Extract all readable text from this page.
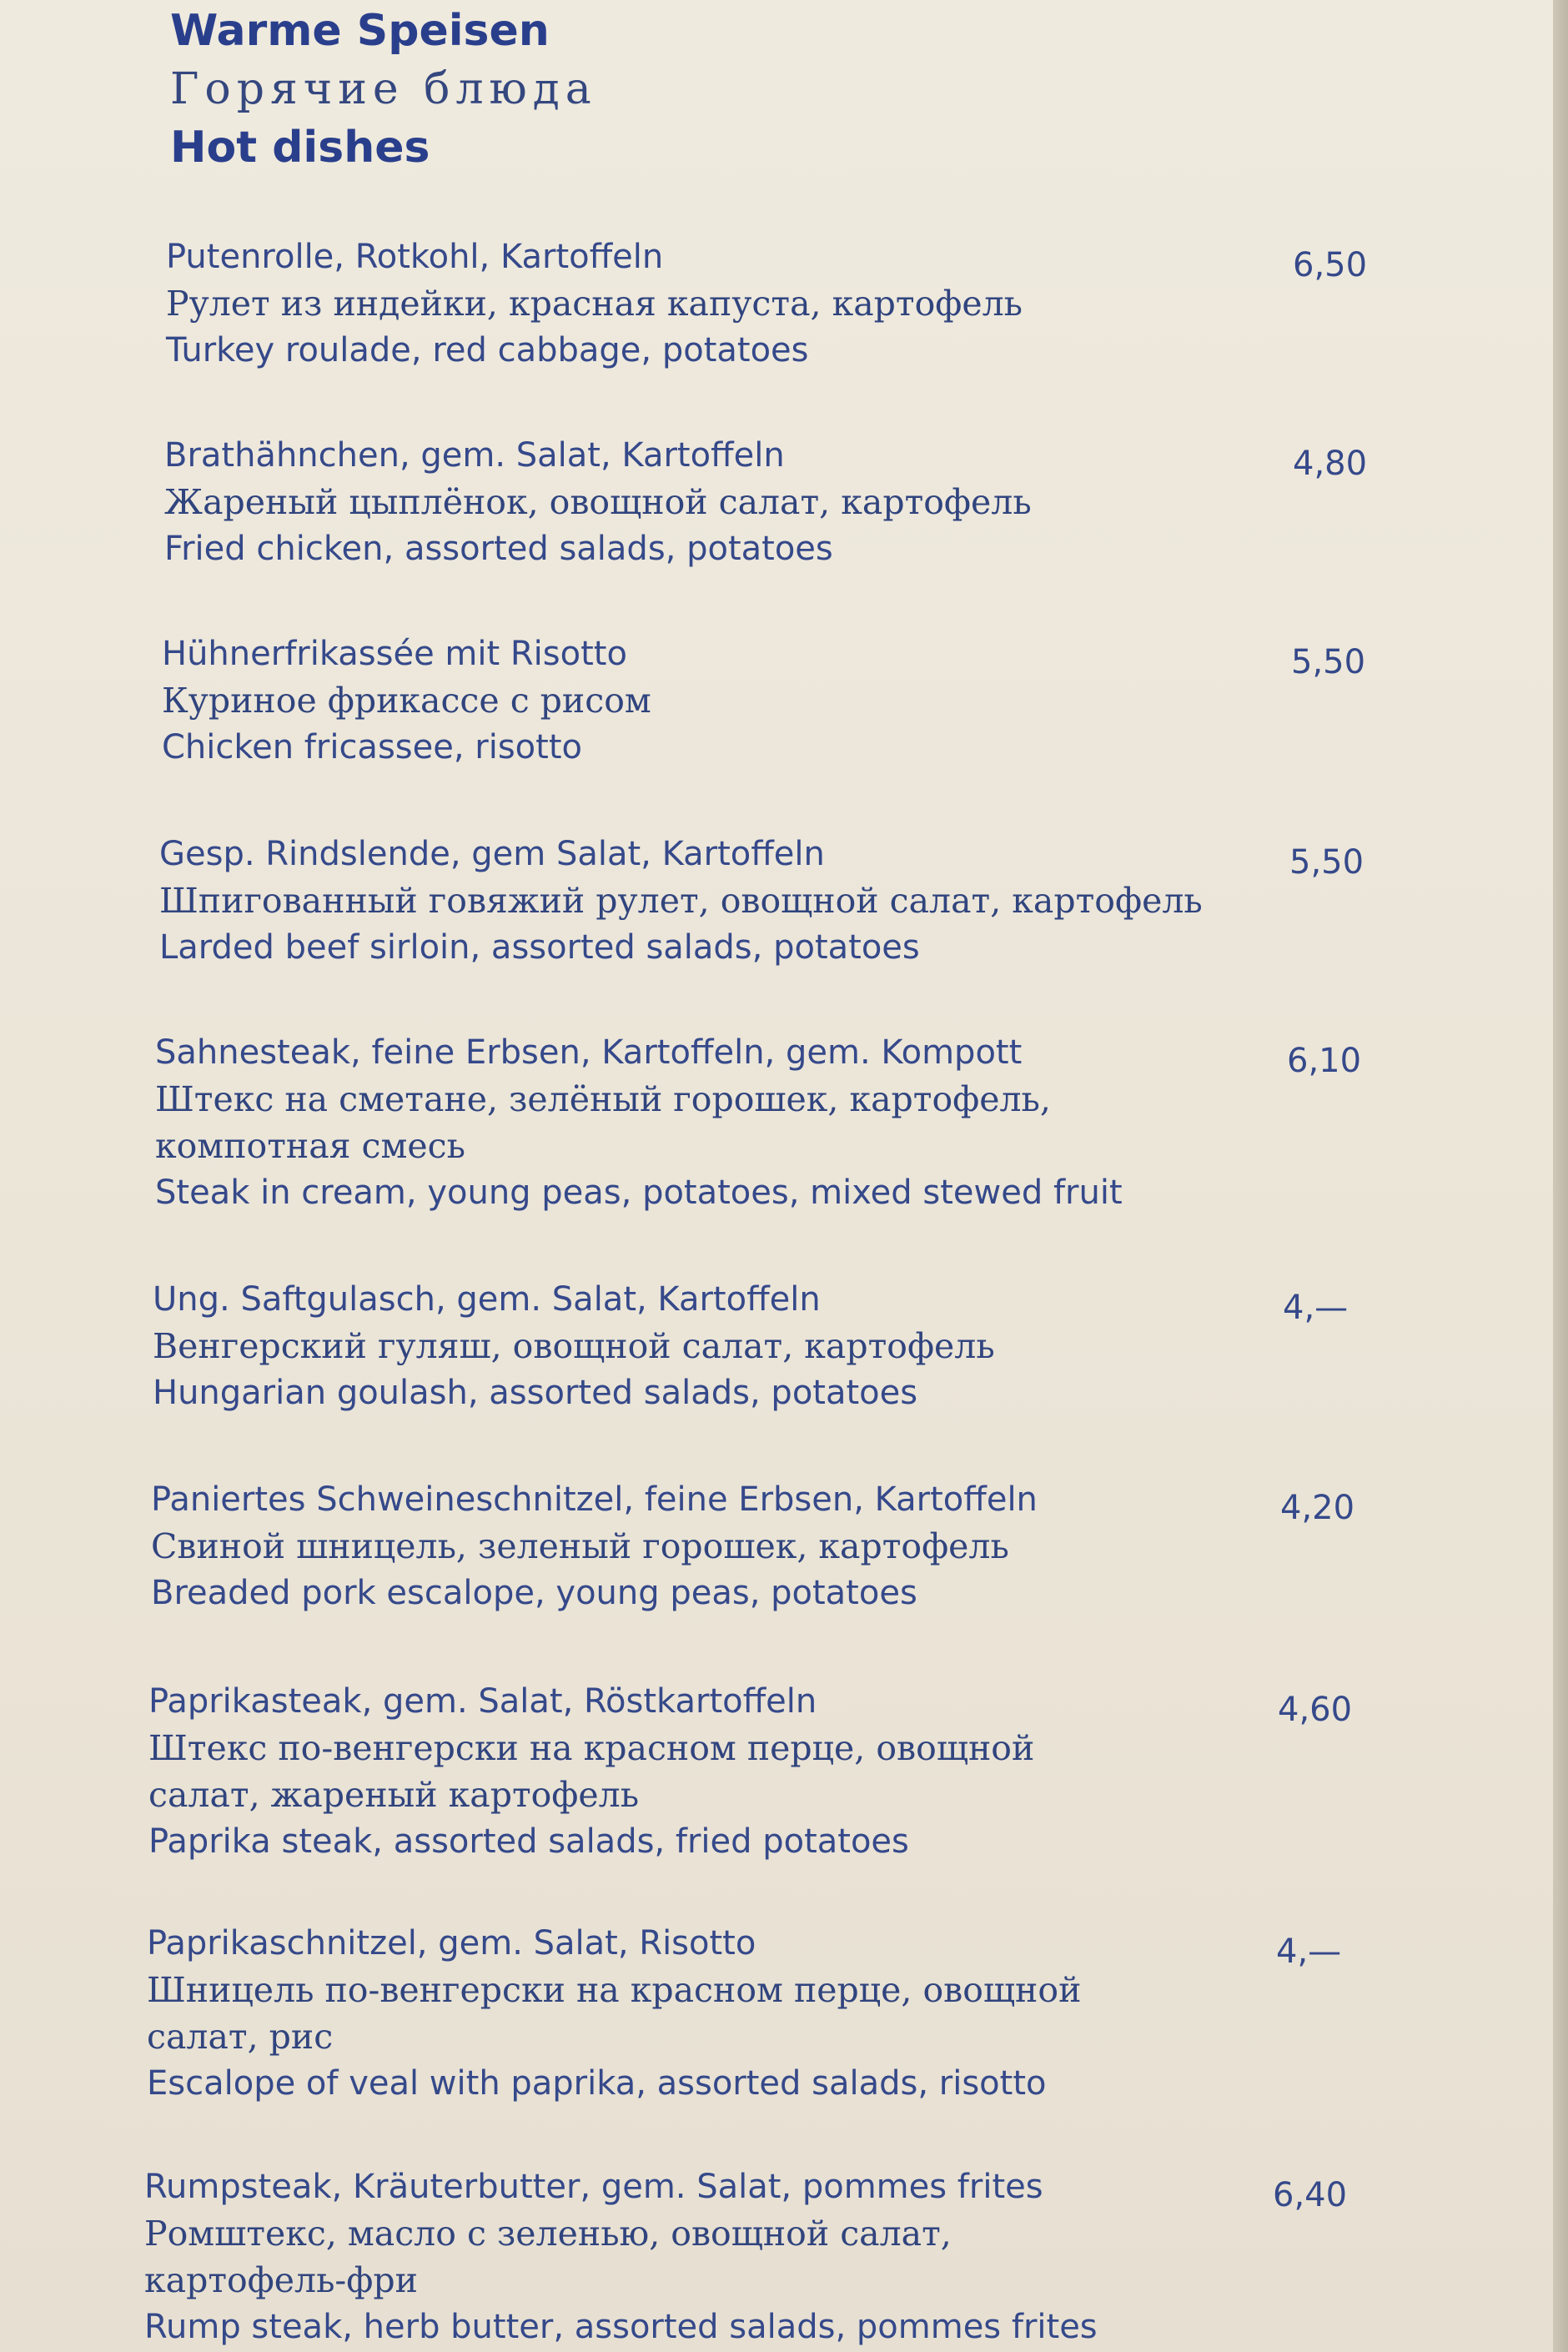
Warme Speisen
Горячие блюда
Hot dishes
Putenrolle, Rotkohl, Kartoffeln
Рулет из индейки, красная капуста, картофель
Turkey roulade, red cabbage, potatoes
6,50
Brathähnchen, gem. Salat, Kartoffeln
Жареный цыплёнок, овощной салат, картофель
Fried chicken, assorted salads, potatoes
4,80
Hühnerfrikassée mit Risotto
Куриное фрикассе с рисом
Chicken fricassee, risotto
5,50
Gesp. Rindslende, gem Salat, Kartoffeln
Шпигованный говяжий рулет, овощной салат, картофель
Larded beef sirloin, assorted salads, potatoes
5,50
Sahnesteak, feine Erbsen, Kartoffeln, gem. Kompott
Штекс на сметане, зелёный горошек, картофель,
компотная смесь
Steak in cream, young peas, potatoes, mixed stewed fruit
6,10
Ung. Saftgulasch, gem. Salat, Kartoffeln
Венгерский гуляш, овощной салат, картофель
Hungarian goulash, assorted salads, potatoes
4,—
Paniertes Schweineschnitzel, feine Erbsen, Kartoffeln
Свиной шницель, зеленый горошек, картофель
Breaded pork escalope, young peas, potatoes
4,20
Paprikasteak, gem. Salat, Röstkartoffeln
Штекс по-венгерски на красном перце, овощной
салат, жареный картофель
Paprika steak, assorted salads, fried potatoes
4,60
Paprikaschnitzel, gem. Salat, Risotto
Шницель по-венгерски на красном перце, овощной
салат, рис
Escalope of veal with paprika, assorted salads, risotto
4,—
Rumpsteak, Kräuterbutter, gem. Salat, pommes frites
Ромштекс, масло с зеленью, овощной салат,
картофель-фри
Rump steak, herb butter, assorted salads, pommes frites
6,40
